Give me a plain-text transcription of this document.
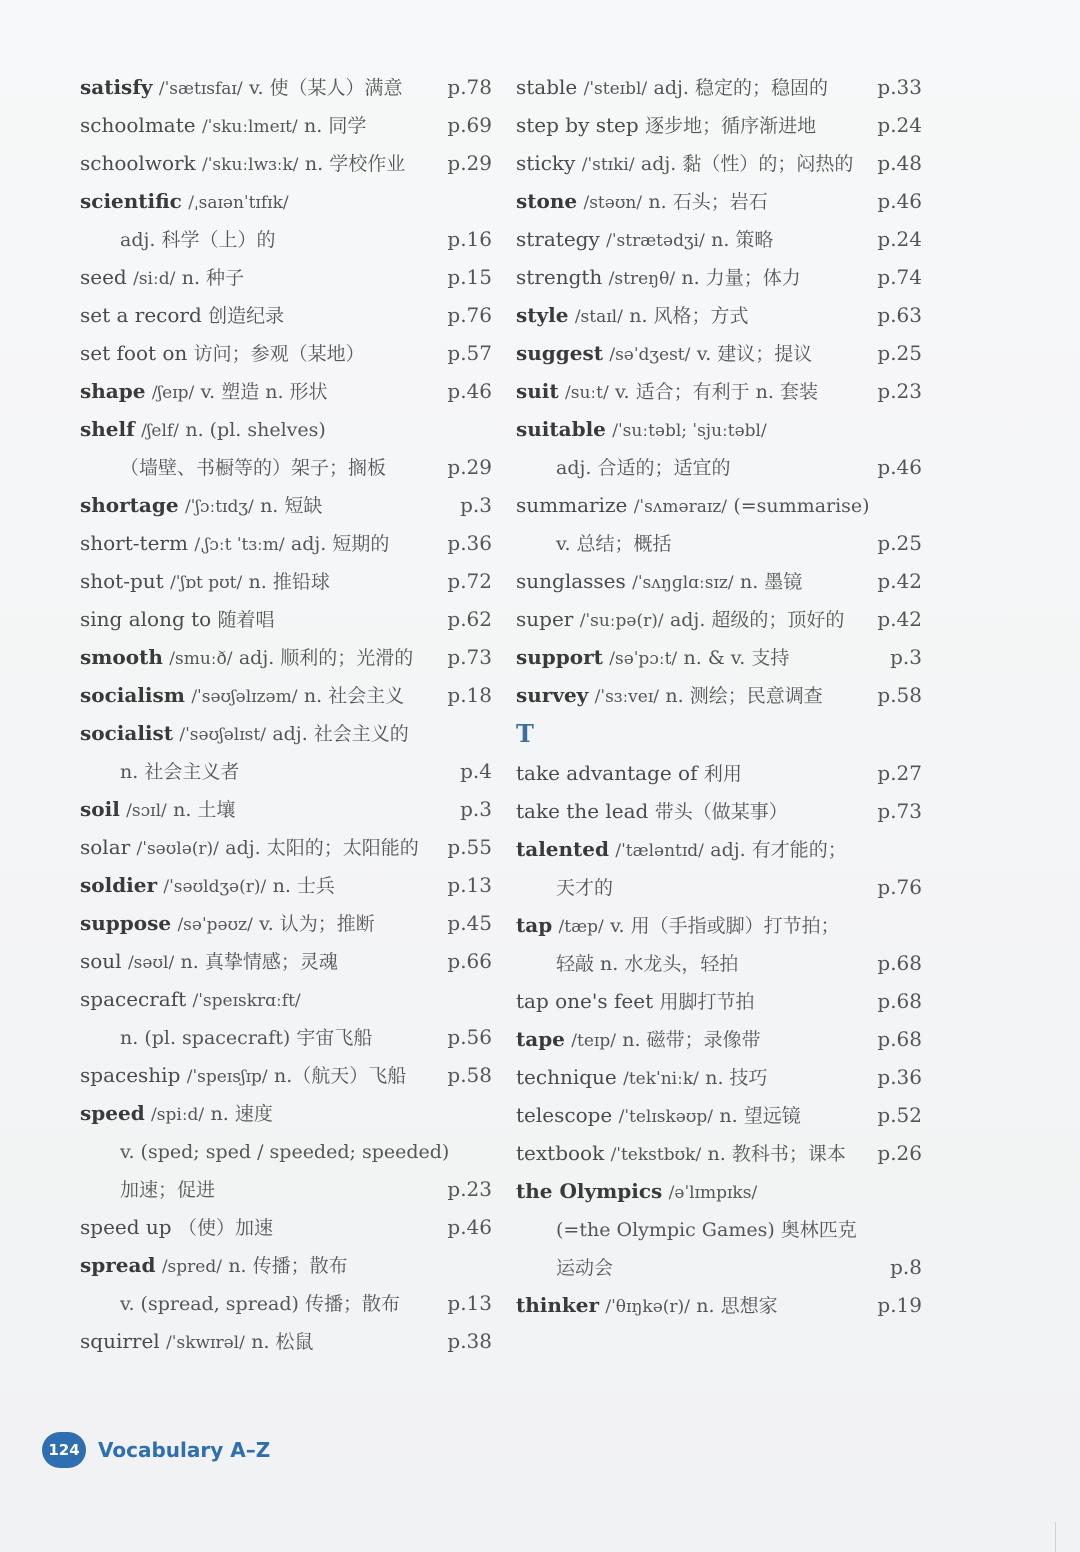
satisfy /ˈsætɪsfaɪ/ v. 使（某人）满意 p.78
schoolmate /ˈskuːlmeɪt/ n. 同学	p.69
schoolwork /ˈskuːlwɜːk/ n. 学校作业 p.29
scientific /ˌsaɪənˈtɪfɪk/
adj. 科学（上）的	p.16
seed /siːd/ n. 种子	p.15
set a record 创造纪录	p.76
set foot on 访问；参观（某地）	p.57
shape /ʃeɪp/ v. 塑造 n. 形状	p.46
shelf /ʃelf/ n. (pl. shelves)
（墙壁、书橱等的）架子；搁板	p.29
shortage /ˈʃɔːtɪdʒ/ n. 短缺	p.3
short-term /ˌʃɔːt ˈtɜːm/ adj. 短期的	p.36
shot-put /ˈʃɒt pʊt/ n. 推铅球	p.72
sing along to 随着唱	p.62
smooth /smuːð/ adj. 顺利的；光滑的 p.73
socialism /ˈsəʊʃəlɪzəm/ n. 社会主义 p.18
socialist /ˈsəʊʃəlɪst/ adj. 社会主义的
n. 社会主义者	p.4
soil /sɔɪl/ n. 土壤	p.3
solar /ˈsəʊlə(r)/ adj. 太阳的；太阳能的 p.55
soldier /ˈsəʊldʒə(r)/ n. 士兵	p.13
suppose /səˈpəʊz/ v. 认为；推断	p.45
soul /səʊl/ n. 真挚情感；灵魂	p.66
spacecraft /ˈspeɪskrɑːft/
n. (pl. spacecraft) 宇宙飞船	p.56
spaceship /ˈspeɪsʃɪp/ n.（航天）飞船 p.58
speed /spiːd/ n. 速度
v. (sped; sped / speeded; speeded)
加速；促进	p.23
speed up （使）加速	p.46
spread /spred/ n. 传播；散布
v. (spread, spread) 传播；散布 p.13
squirrel /ˈskwɪrəl/ n. 松鼠	p.38
stable /ˈsteɪbl/ adj. 稳定的；稳固的 p.33
step by step 逐步地；循序渐进地	p.24
sticky /ˈstɪki/ adj. 黏（性）的；闷热的 p.48
stone /stəʊn/ n. 石头；岩石	p.46
strategy /ˈstrætədʒi/ n. 策略	p.24
strength /streŋθ/ n. 力量；体力	p.74
style /staɪl/ n. 风格；方式	p.63
suggest /səˈdʒest/ v. 建议；提议	p.25
suit /suːt/ v. 适合；有利于 n. 套装	p.23
suitable /ˈsuːtəbl; ˈsjuːtəbl/
adj. 合适的；适宜的	p.46
summarize /ˈsʌməraɪz/ (=summarise)
v. 总结；概括	p.25
sunglasses /ˈsʌŋɡlɑːsɪz/ n. 墨镜	p.42
super /ˈsuːpə(r)/ adj. 超级的；顶好的 p.42
support /səˈpɔːt/ n. & v. 支持	p.3
survey /ˈsɜːveɪ/ n. 测绘；民意调查	p.58
T
take advantage of 利用	p.27
take the lead 带头（做某事）	p.73
talented /ˈtæləntɪd/ adj. 有才能的；
天才的	p.76
tap /tæp/ v. 用（手指或脚）打节拍；
轻敲 n. 水龙头，轻拍	p.68
tap one's feet 用脚打节拍	p.68
tape /teɪp/ n. 磁带；录像带	p.68
technique /tekˈniːk/ n. 技巧	p.36
telescope /ˈtelɪskəʊp/ n. 望远镜	p.52
textbook /ˈtekstbʊk/ n. 教科书；课本 p.26
the Olympics /əˈlɪmpɪks/
(=the Olympic Games) 奥林匹克
运动会	p.8
thinker /ˈθɪŋkə(r)/ n. 思想家	p.19
124 Vocabulary A–Z
